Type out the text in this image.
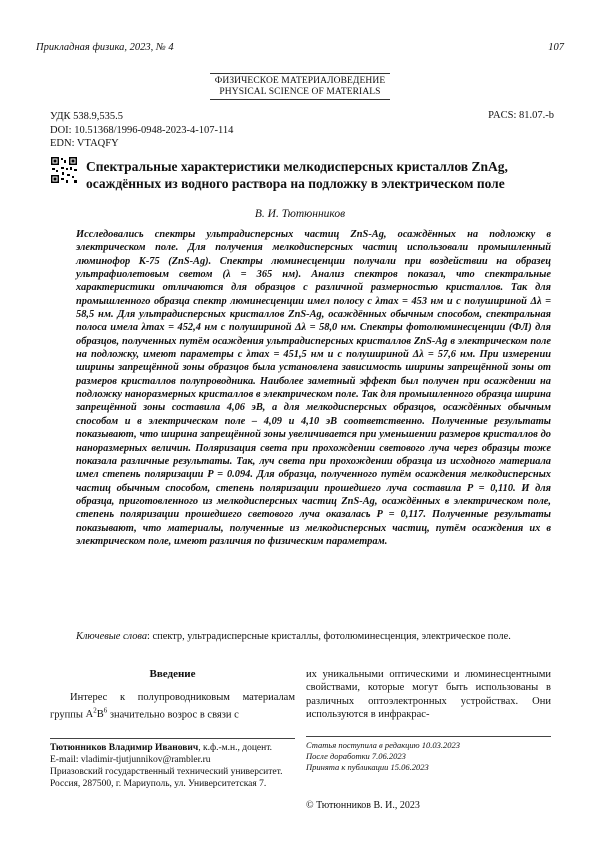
Прикладная физика, 2023, № 4	107
ФИЗИЧЕСКОЕ МАТЕРИАЛОВЕДЕНИЕ
PHYSICAL SCIENCE OF MATERIALS
УДК 538.9,535.5
DOI: 10.51368/1996-0948-2023-4-107-114
EDN: VTAQFY
PACS: 81.07.-b
Спектральные характеристики мелкодисперсных кристаллов ZnAg,
осаждённых из водного раствора на подложку в электрическом поле
В. И. Тютюнников

Исследовались спектры ультрадисперсных частиц ZnS-Ag, осаждённых на подложку в электрическом поле. Для получения мелкодисперсных частиц использовали промышленный люминофор К-75 (ZnS-Ag). Спектры люминесценции получали при воздействии на образец ультрафиолетовым светом (λ = 365 нм). Анализ спектров показал, что спектральные характеристики отличаются для образцов с различной размерностью кристаллов. Так для промышленного образца спектр люминесценции имел полосу с λmax = 453 нм и с полушириной Δλ = 58,5 нм. Для ультрадисперсных кристаллов ZnS-Ag, осаждённых обычным способом, спектральная полоса имела λmax = 452,4 нм с полушириной Δλ = 58,0 нм. Спектры фотолюминесценции (ФЛ) для образцов, полученных путём осаждения ультрадисперсных кристаллов ZnS-Ag в электрическом поле на подложку, имеют параметры с λmax = 451,5 нм и с полушириной Δλ = 57,6 нм. При измерении ширины запрещённой зоны образцов была установлена зависимость ширины запрещённой зоны от размеров кристаллов полупроводника. Наиболее заметный эффект был получен при осаждении на подложку наноразмерных кристаллов в электрическом поле. Так для промышленного образца ширина запрещённой зоны составила 4,06 эВ, а для мелкодисперсных образцов, осаждённых обычным способом и в электрическом поле – 4,09 и 4,10 эВ соответственно. Полученные результаты показывают, что ширина запрещённой зоны увеличивается при уменьшении размеров кристаллов до наноразмерных величин. Поляризация света при прохождении светового луча через образцы тоже показала различные результаты. Так, луч света при прохождении образца из исходного материала имел степень поляризации P = 0.094. Для образца, полученного путём осаждения мелкодисперсных частиц обычным способом, степень поляризации прошедшего луча составила P = 0,110. И для образца, приготовленного из мелкодисперсных частиц ZnS-Ag, осаждённых в электрическом поле, степень поляризации прошедшего светового луча оказалась P = 0,117. Полученные результаты показывают, что материалы, полученные из мелкодисперсных частиц, путём осаждения их в электрическом поле, имеют различия по физическим параметрам.

Ключевые слова: спектр, ультрадисперсные кристаллы, фотолюминесценция, электрическое поле.
Введение

Интерес к полупроводниковым материалам группы $A^2B^6$ значительно возрос в связи с

их уникальными оптическими и люминесцентными свойствами, которые могут быть использованы в различных оптоэлектронных устройствах. Они используются в инфракрас-

Тютюнников Владимир Иванович, к.ф.-м.н., доцент.
E-mail: vladimir-tjutjunnikov@rambler.ru
Приазовский государственный технический университет.
Россия, 287500, г. Мариуполь, ул. Университетская 7.
Статья поступила в редакцию 10.03.2023
После доработки 7.06.2023
Принята к публикации 15.06.2023
© Тютюнников В. И., 2023
